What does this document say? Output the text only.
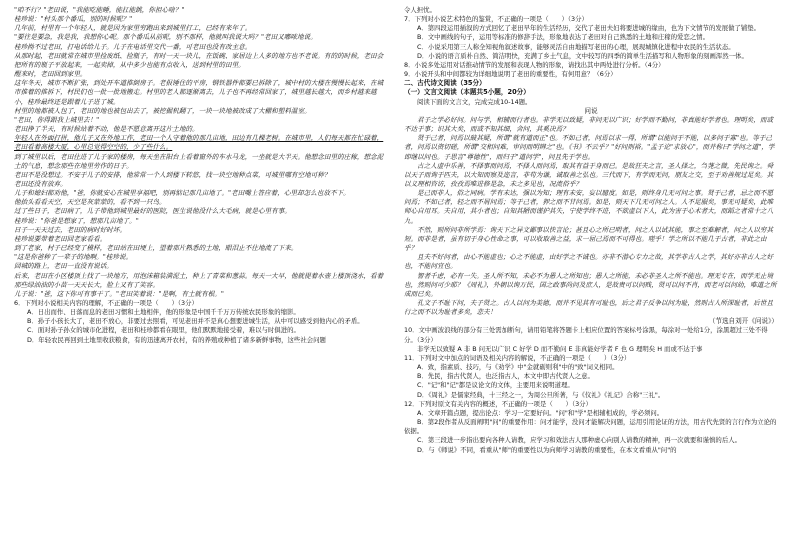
"咱不行？"老田说，"我能吃能睡，能扛能跳，你担心啥？"

桂珍说："村头那个番瓜，别的时候呢？"

几年前，村里有一个年轻人，就是因为家里穷跑出来到城里打工，已经有来年了。

"要往是要急，我是我，我想你心呢。那个番瓜从前呢，别不那样，他就叫我说大吗？"老田又嘟哝地说。

桂珍拗不过老田，打电话给儿子。儿子在电话里交代一番，可老田也没有改主意。

从那时起，老田就常在城市里捡废纸、捡瓶子，有时一天一块儿，在饭碗、家居边上人多的地方也不老说。有的的时候，老田会把所有的瓶子平放起来，一起卖掉，从中多少也能有点收入，送到村里的田里。

醒来时，老田回到家里。

这年冬天，城市不断扩张，到处开车道推倒房子。老报锤住的平房，钢铁器件都要已拆除了，城中村的大楼在慢慢长起来，在城市推着的推拆下，村民们也一批一批地搬走。村里的老人都逐渐离去，儿子也不再经常回家了，城里越长越大，而乡村越来越小，桂珍最终还是跟着儿子进了城。

村里的地都被人包了，老田的地也被包出去了，被挖掘机翻了，一块一块地被改成了大棚和塑料温室。

"老田，你得跟我上城里去！"

老田挣了半天，有时候站着不动，他是不愿意离开这片土地的。

年轻人在外面打拼，他儿子又在外地工作，老田一个人守着他的那几亩地，田边有几棵老树。在城市里，人们每天都在忙碌着，老田看着高楼大厦，心里总觉得空空的，少了些什么。

到了城里以后，老田住进了儿子家的楼房，每天坐在阳台上看着窗外的车水马龙，一坐就是大半天。他想念田里的庄稼，想念泥土的气息，想念那些在地里劳作的日子。

老田不是没想过。不安于儿子的安排，他常常一个人到楼下转悠，找一块空地种点菜，可城里哪有空地可种？

老田还没有放弃。

儿子和媳妇都劝他，"爸，你就安心在城里享福吧，别再惦记那几亩地了。"老田嘴上答应着，心里却怎么也放不下。

他抬头看看天空，天空是灰蒙蒙的，看不到一只鸟。

过了些日子，老田病了，儿子带他到城里最好的医院，医生说他没什么大毛病，就是心里有事。

桂珍说："你爸是想家了，想那几亩地了。"

日子一天天过去，老田的病时好时坏。

桂珍说要带着老田回老家看看。

到了老家，村子已经变了模样，老田站在田埂上，望着那片熟悉的土地，眼泪止不住地流了下来。

"这是你爸种了一辈子的地啊。"桂珍说。

回城的路上，老田一直没有说话。

后来，老田在小区楼顶上找了一块地方，用泡沫箱装满泥土，种上了青菜和葱蒜。每天一大早，他就提着水壶上楼顶浇水，看着那些绿油油的小苗一天天长大，脸上又有了笑容。

儿子说："爸，这下你可有事干了。"老田笑着说："是啊，有土就有根。"

6．下列对小说相关内容的理解，不正确的一项是（　　）（3分）

A．日出而作、日落而息的老田习惯和土地相伴，他的形象是中国千千万万传统农民形象的缩影。

B．孙子小孩长大了，老田不放心，非要过去照看，可见老田并不是真心想要进城生活，从中可以感受到他内心的矛盾。

C．面对孙子孙女的城市化进程，老田和桂珍都看在眼里，他们默默地接受着，难以与时俱进的。

D．年轻农民再回到土地里收获粮食，有的迅速离开农村，有的养殖或种植了诸多新鲜事物，这些社会问题

令人担忧。

7．下列对小说艺术特色的鉴赏，不正确的一项是（　　）（3分）

A．第四段运用插叙的方式回忆了老田早年的生活经历，交代了老田夫妇将要进城的缘由，也为下文情节的发展做了铺垫。

B．文中画线的句子，运用等标准的修辞手法，形象地表达了老田对自己熟悉的土地和庄稼的爱恋之情。

C．小说采用第三人称全知视角叙述故事，能够灵活自由地描写老田的心理，展现城镇化进程中农民的生活状态。

D．小说的语言质朴自然、简洁明快，充满了乡土气息，文中较写的四季的简单生活描写和人物形象的刻画浑然一体。

8．小说多处运用对话推动情节的发展和表现人物的形象，请找出其中两处进行分析。（4分）

9．小说开头和中间都较为详细地说明了老田的重要性，有何用意？（6分）

二、古代诗文阅读（35分）

（一）文言文阅读（本题共5小题，20分）

阅读下面的文言文，完成完成10-14题。

问说

君子之学必好问。问与学，相辅而行者也。非学无以致疑，非问无以广识；好学而不勤问，非真能好学者也。理明矣，而或不达于事；识其大矣，而或不知其细，舍问，其奚决焉？

贤于己者，问焉以破其疑，所谓"就有道而正"也。不如己者，问焉以求一得，所谓"以能问于不能，以多问于寡"也。等于己者，问焉以资切磋，所谓"交相问难，审问而明辨之"也。《书》不云乎？"好问则裕。"孟子论"求放心"，而并称曰"学问之道"，学即继以问也。子思言"尊德性"，而归于"道问学"，问且先于学也。

古之人虚中乐善，不择事而问焉，不择人而问焉，取其有益于身而已。是故狂夫之言，圣人择之，刍荛之微，先民询之。舜以天子而询于匹夫，以大知而察及迩言，非苟为谦，诚取善之弘也。三代而下，有学而无问，朋友之交，至于劝善规过足矣。其以义理相咨访，孜孜焉唯进修是急，未之多见也，况流俗乎？

是己而非人，俗之同病。学有未达，强以为知；理有未安，妄以臆度。如是，则终身几无可问之事。贤于己者，忌之而不愿问焉；不如己者，轻之而不屑问焉；等于己者，狎之而不甘问焉。如是，则天下几无可问之人。人不足服矣，事无可疑矣，此唯师心自用耳。夫自用，其小者也；自知其陋而谨护其失，宁使学终不进，不欲虚以下人，此为害于心术者大，而蹈之者常十之八九。

不然，则所问非所学焉：询天下之异文鄙事以快言论；甚且心之所已明者，问之人以试其能，事之至难解者，问之人以穷其短。而非是者，虽有切于身心性命之事，可以收取善之益，求一屈己焉而不可得也。嗟乎！学之所以不能几于古者，非此之由乎？

且夫不好问者，由心不能虚也；心之不能虚，由好学之不诚也。亦非不潜心专力之故，其学非古人之学，其好亦非古人之好也，不能问宜也。

智者千虑，必有一失。圣人所不知，未必不为愚人之所知也；愚人之所能，未必非圣人之所不能也。理无专在，而学无止境也，然则问可少耶？《周礼》，外朝以询万民，国之政事尚问及庶人，是故贵可以问贱，贤可以问不肖，而老可以问幼，唯道之所成而已矣。

孔文子不耻下问，夫子贤之。古人以问为美德，而并不见其有可耻也，后之君子反争以问为耻，然则古人所深耻者，后世且行之而不以为耻者多矣，悲夫！

（节选自刘开《问说》）

10．文中画波浪线的部分有三处需加断句，请用铅笔将答题卡上相应位置的答案标号涂黑，每涂对一处给1分，涂黑超过三处不得分。（3分）

非学无以致疑 A 非 B 问无以广识 C 好学 D 而不勤问 E 非真能好学者 F 也 G 理明矣 H 而或不达于事

11．下列对文中加点的词语及相关内容的解说，不正确的一项是（　　）（3分）

A．致，指素质、技巧，与《劝学》中"金就砺则利"中的"致"词义相同。

B．先民，指古代贤人，也泛指古人，本文中即古代贤人之意。

C．"记"和"记"都是议论文的文体，主要用来说明道理。

D．《周礼》是儒家经典，十三经之一，为周公旦所著，与《仪礼》《礼记》合称"三礼"。

12．下列对原文有关内容的概述，不正确的一项是（　　）（3分）

A．文章开篇点题，提出论点：学习一定要好问。"问"和"学"是相辅相成的，学必须问。

B．第2段作者从反面阐明"问"的重要作用：问才能学，没问才能解决问题，运用引用论证的方法，用古代先贤的言行作为立论的依据。

C．第三段进一步指出要向各种人请教，应学习和效法古人那种虚心向别人请教的精神，再一次就要和谨慎的后人。

D．与《师说》不同，看重从"师"的重要性以为向师学习请教的重要性，在本文看重从"问"的
